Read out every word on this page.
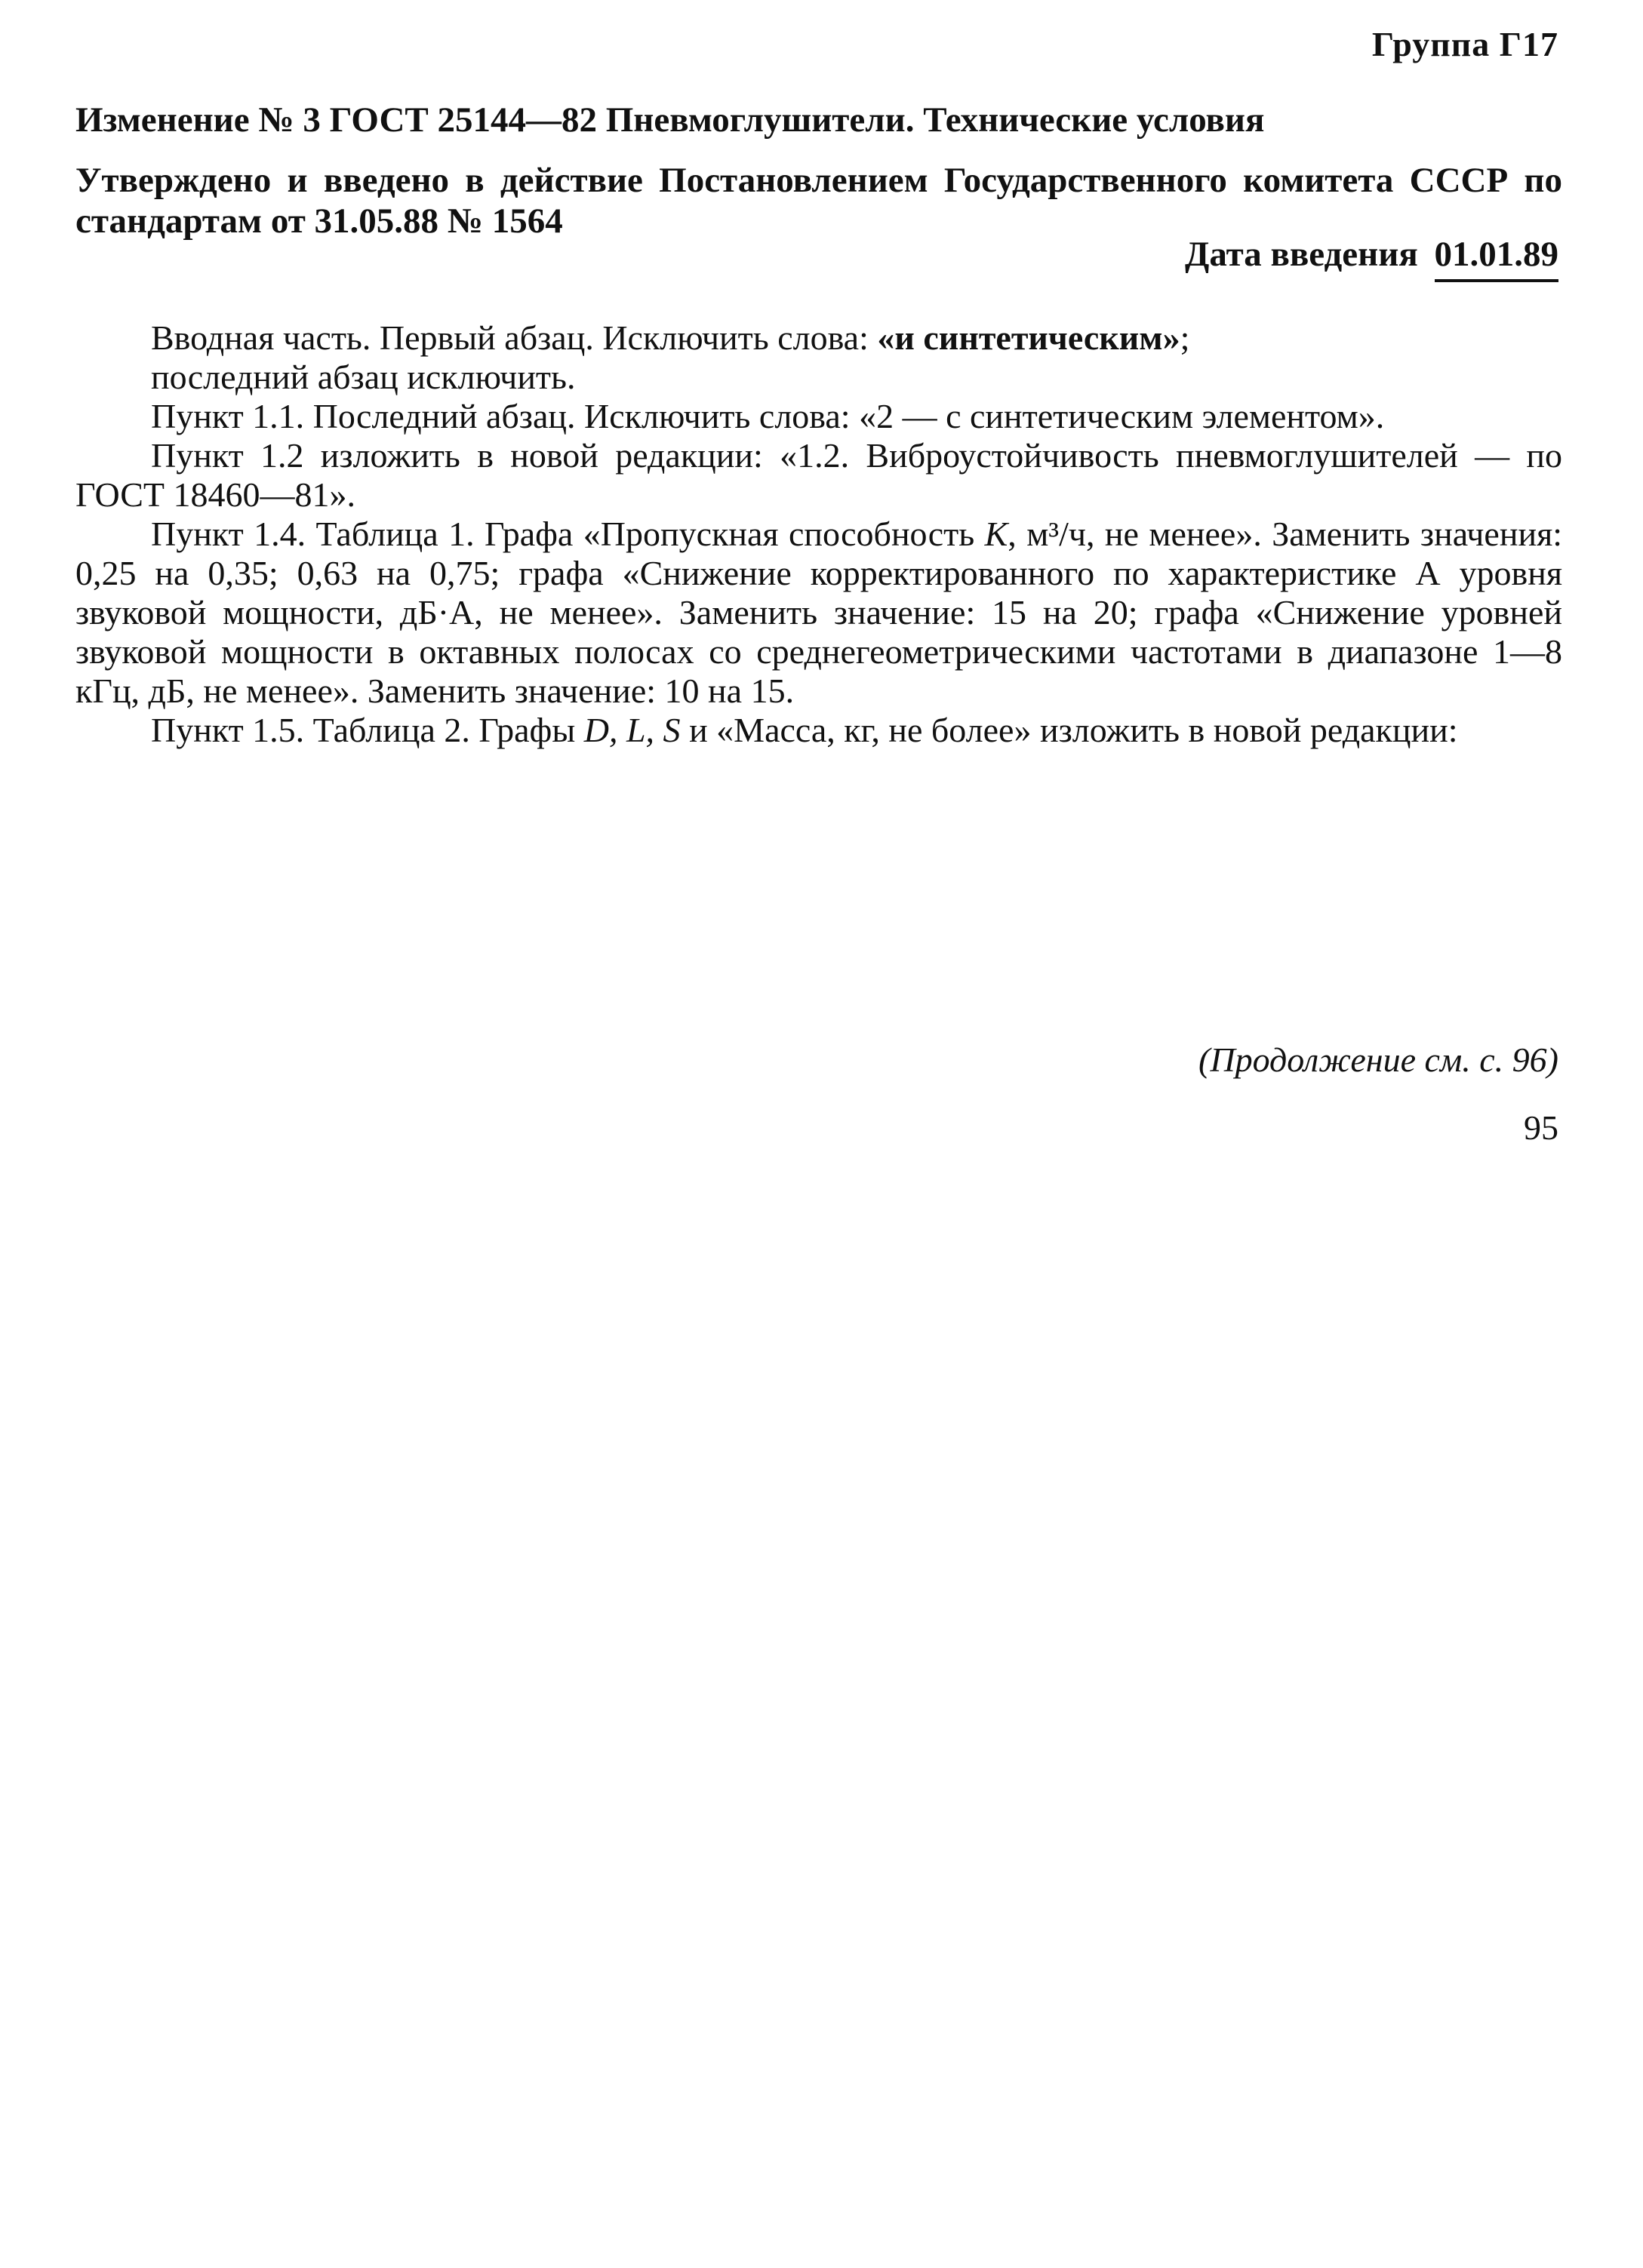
Группа Г17
Изменение № 3 ГОСТ 25144—82 Пневмоглушители. Технические условия
Утверждено и введено в действие Постановлением Государственного комитета СССР по стандартам от 31.05.88 № 1564
Дата введения 01.01.89

Вводная часть. Первый абзац. Исключить слова: «и синтетическим»;

последний абзац исключить.

Пункт 1.1. Последний абзац. Исключить слова: «2 — с синтетическим элементом».

Пункт 1.2 изложить в новой редакции: «1.2. Виброустойчивость пневмоглушителей — по ГОСТ 18460—81».

Пункт 1.4. Таблица 1. Графа «Пропускная способность K, м³/ч, не менее». Заменить значения: 0,25 на 0,35; 0,63 на 0,75; графа «Снижение корректированного по характеристике А уровня звуковой мощности, дБ·А, не менее». Заменить значение: 15 на 20; графа «Снижение уровней звуковой мощности в октавных полосах со среднегеометрическими частотами в диапазоне 1—8 кГц, дБ, не менее». Заменить значение: 10 на 15.

Пункт 1.5. Таблица 2. Графы D, L, S и «Масса, кг, не более» изложить в новой редакции:

(Продолжение см. с. 96)
95
